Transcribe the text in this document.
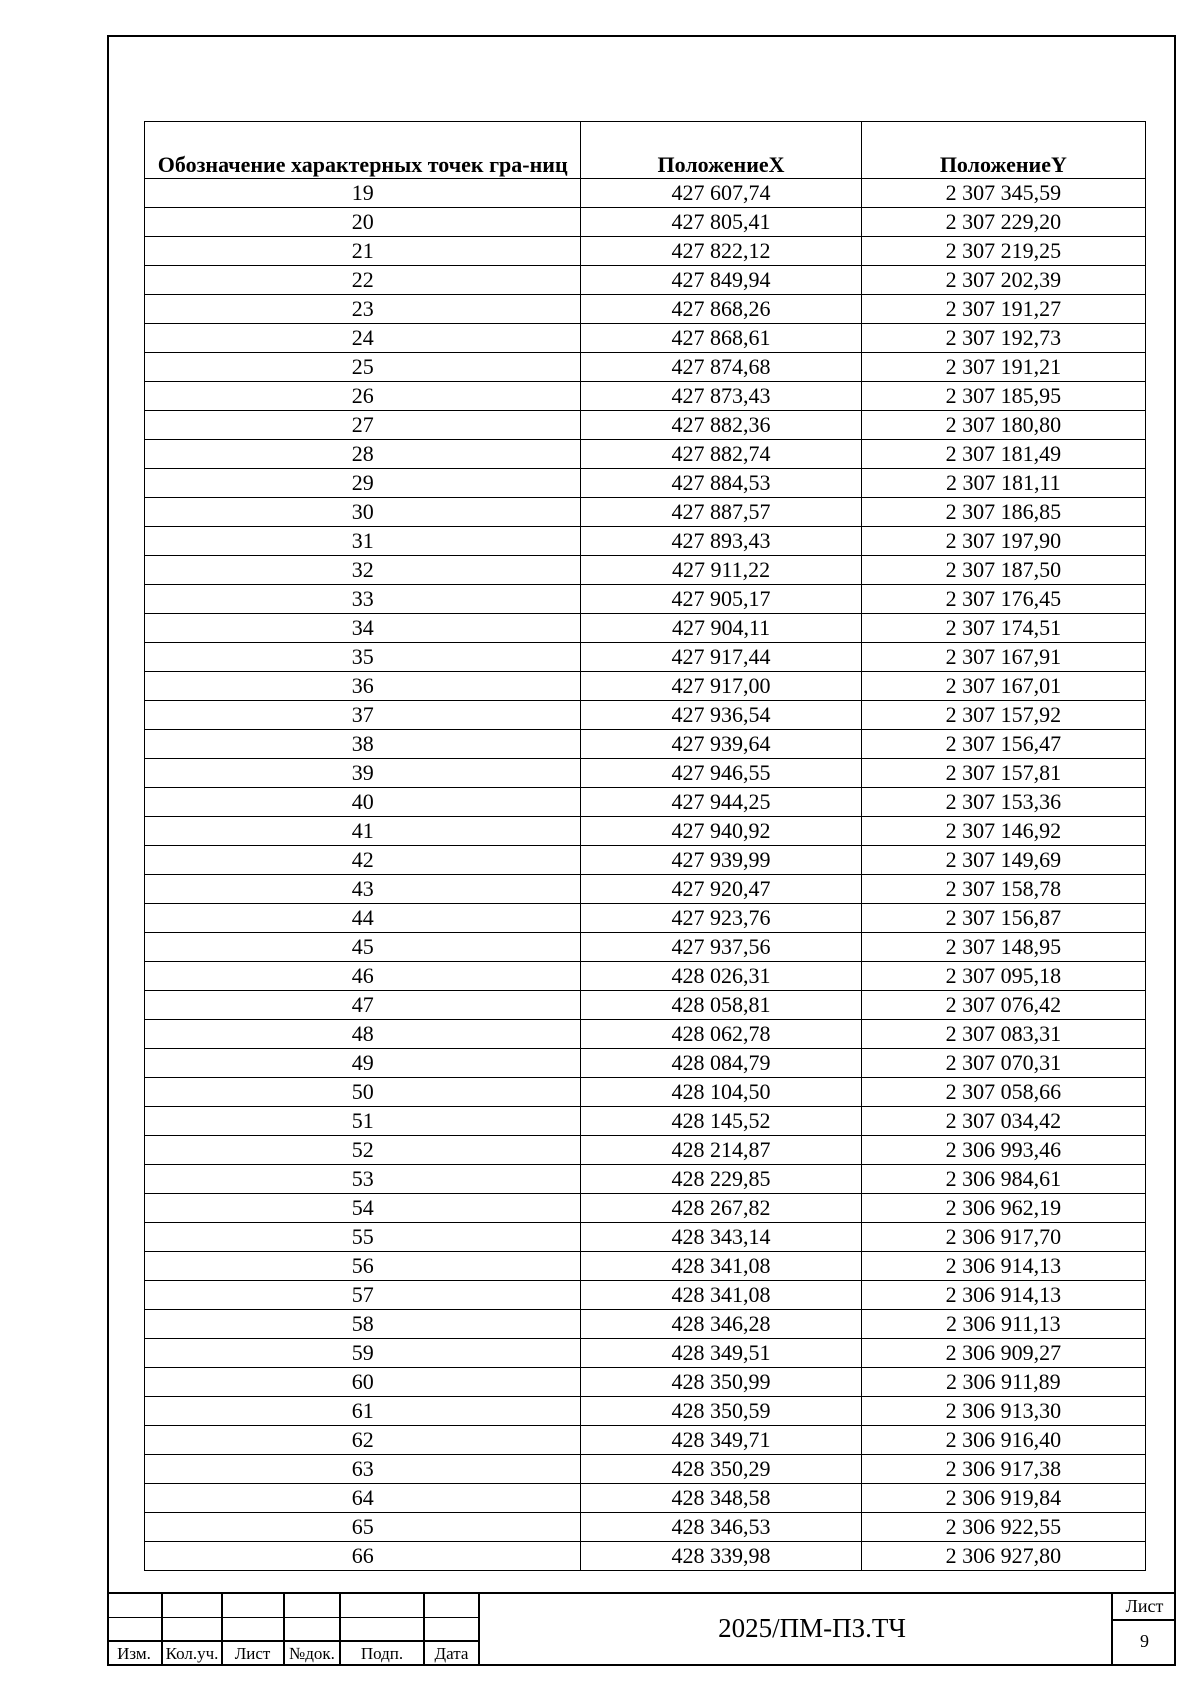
Обозначение характерных точек гра-ниц	ПоложениеX	ПоложениеY
19	427 607,74	2 307 345,59
20	427 805,41	2 307 229,20
21	427 822,12	2 307 219,25
22	427 849,94	2 307 202,39
23	427 868,26	2 307 191,27
24	427 868,61	2 307 192,73
25	427 874,68	2 307 191,21
26	427 873,43	2 307 185,95
27	427 882,36	2 307 180,80
28	427 882,74	2 307 181,49
29	427 884,53	2 307 181,11
30	427 887,57	2 307 186,85
31	427 893,43	2 307 197,90
32	427 911,22	2 307 187,50
33	427 905,17	2 307 176,45
34	427 904,11	2 307 174,51
35	427 917,44	2 307 167,91
36	427 917,00	2 307 167,01
37	427 936,54	2 307 157,92
38	427 939,64	2 307 156,47
39	427 946,55	2 307 157,81
40	427 944,25	2 307 153,36
41	427 940,92	2 307 146,92
42	427 939,99	2 307 149,69
43	427 920,47	2 307 158,78
44	427 923,76	2 307 156,87
45	427 937,56	2 307 148,95
46	428 026,31	2 307 095,18
47	428 058,81	2 307 076,42
48	428 062,78	2 307 083,31
49	428 084,79	2 307 070,31
50	428 104,50	2 307 058,66
51	428 145,52	2 307 034,42
52	428 214,87	2 306 993,46
53	428 229,85	2 306 984,61
54	428 267,82	2 306 962,19
55	428 343,14	2 306 917,70
56	428 341,08	2 306 914,13
57	428 341,08	2 306 914,13
58	428 346,28	2 306 911,13
59	428 349,51	2 306 909,27
60	428 350,99	2 306 911,89
61	428 350,59	2 306 913,30
62	428 349,71	2 306 916,40
63	428 350,29	2 306 917,38
64	428 348,58	2 306 919,84
65	428 346,53	2 306 922,55
66	428 339,98	2 306 927,80
Изм. Кол.уч. Лист	№док.	Подп.	Дата
2025/ПМ-ПЗ.ТЧ
Лист
9
